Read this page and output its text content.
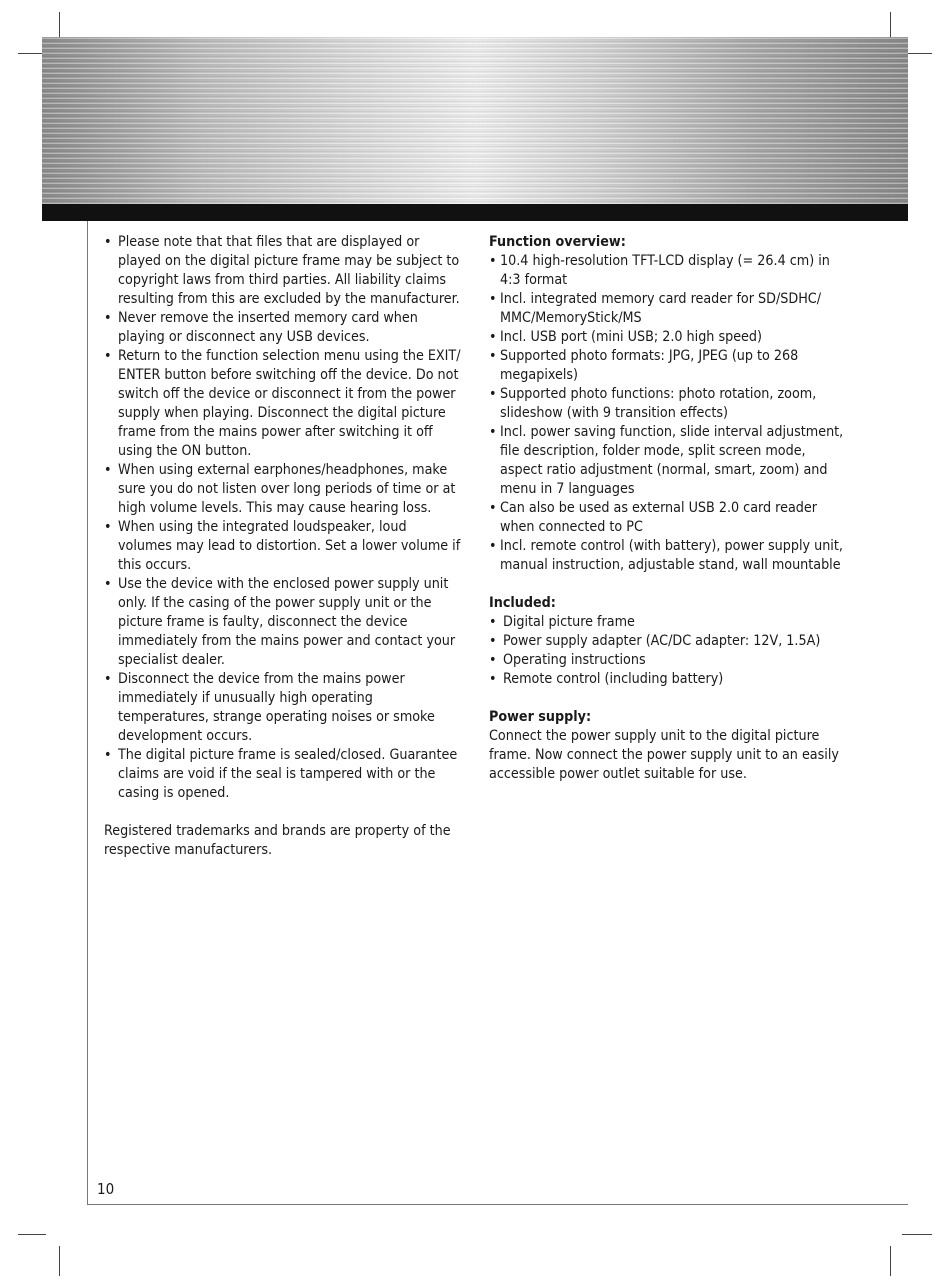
• Please note that that files that are displayed or played on the digital picture frame may be subject to copyright laws from third parties. All liability claims resulting from this are excluded by the manufacturer.
• Never remove the inserted memory card when playing or disconnect any USB devices.
• Return to the function selection menu using the EXIT/ ENTER button before switching off the device. Do not switch off the device or disconnect it from the power supply when playing. Disconnect the digital picture frame from the mains power after switching it off using the ON button.
• When using external earphones/headphones, make sure you do not listen over long periods of time or at high volume levels. This may cause hearing loss.
• When using the integrated loudspeaker, loud volumes may lead to distortion. Set a lower volume if this occurs.
• Use the device with the enclosed power supply unit only. If the casing of the power supply unit or the picture frame is faulty, disconnect the device immediately from the mains power and contact your specialist dealer.
• Disconnect the device from the mains power immediately if unusually high operating temperatures, strange operating noises or smoke development occurs.
• The digital picture frame is sealed/closed. Guarantee claims are void if the seal is tampered with or the casing is opened.

Registered trademarks and brands are property of the respective manufacturers.

Function overview:
• 10.4 high-resolution TFT-LCD display (= 26.4 cm) in 4:3 format
• Incl. integrated memory card reader for SD/SDHC/ MMC/MemoryStick/MS
• Incl. USB port (mini USB; 2.0 high speed)
• Supported photo formats: JPG, JPEG (up to 268 megapixels)
• Supported photo functions: photo rotation, zoom, slideshow (with 9 transition effects)
• Incl. power saving function, slide interval adjustment, file description, folder mode, split screen mode, aspect ratio adjustment (normal, smart, zoom) and menu in 7 languages
• Can also be used as external USB 2.0 card reader when connected to PC
• Incl. remote control (with battery), power supply unit, manual instruction, adjustable stand, wall mountable
Included:
• Digital picture frame
• Power supply adapter (AC/DC adapter: 12V, 1.5A)
• Operating instructions
• Remote control (including battery)
Power supply:

Connect the power supply unit to the digital picture frame. Now connect the power supply unit to an easily accessible power outlet suitable for use.

10
